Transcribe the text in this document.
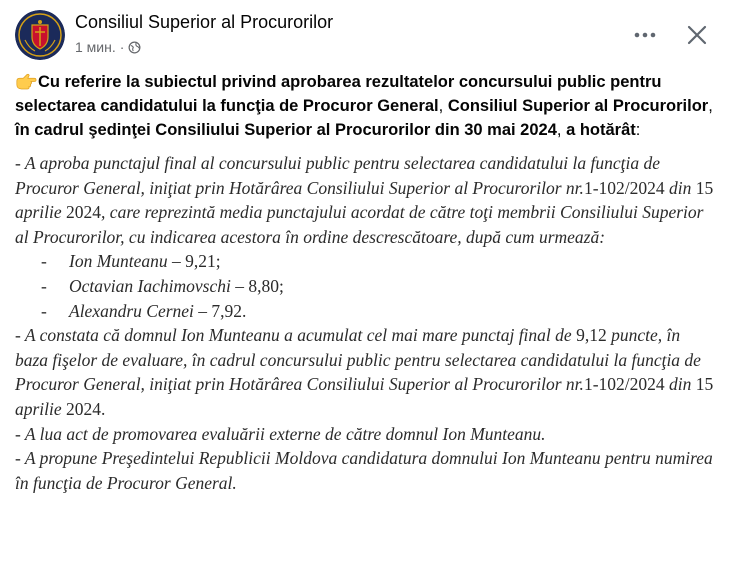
Consiliul Superior al Procurorilor
1 мин. ·

Cu referire la subiectul privind aprobarea rezultatelor concursului public pentru selectarea candidatului la funcţia de Procuror General, Consiliul Superior al Procurorilor, în cadrul şedinţei Consiliului Superior al Procurorilor din 30 mai 2024, a hotărât:

- A aproba punctajul final al concursului public pentru selectarea candidatului la funcţia de Procuror General, iniţiat prin Hotărârea Consiliului Superior al Procurorilor nr.1-102/2024 din 15 aprilie 2024, care reprezintă media punctajului acordat de către toţi membrii Consiliului Superior al Procurorilor, cu indicarea acestora în ordine descrescătoare, după cum urmează:

- Ion Munteanu – 9,21;
- Octavian Iachimovschi – 8,80;
- Alexandru Cernei – 7,92.

- A constata că domnul Ion Munteanu a acumulat cel mai mare punctaj final de 9,12 puncte, în baza fişelor de evaluare, în cadrul concursului public pentru selectarea candidatului la funcţia de Procuror General, iniţiat prin Hotărârea Consiliului Superior al Procurorilor nr.1-102/2024 din 15 aprilie 2024.

- A lua act de promovarea evaluării externe de către domnul Ion Munteanu.

- A propune Preşedintelui Republicii Moldova candidatura domnului Ion Munteanu pentru numirea în funcţia de Procuror General.
